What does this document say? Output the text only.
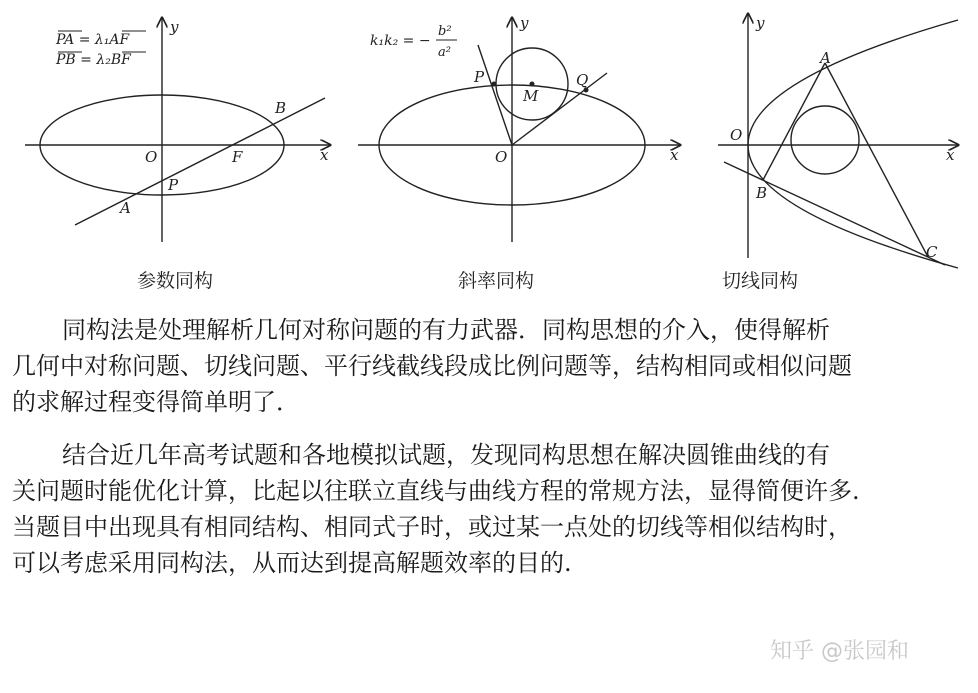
PA = λ₁AF
PB = λ₂BF
y
x
O
A
B
F
P
k₁k₂ = −
b²
a²
y
x
O
P	Q
M
y
x
O
A
B
C
参数同构	斜率同构	切线同构
同构法是处理解析几何对称问题的有力武器．同构思想的介入，使得解析
几何中对称问题、切线问题、平行线截线段成比例问题等，结构相同或相似问题
的求解过程变得简单明了．
结合近几年高考试题和各地模拟试题，发现同构思想在解决圆锥曲线的有
关问题时能优化计算，比起以往联立直线与曲线方程的常规方法，显得简便许多.
当题目中出现具有相同结构、相同式子时，或过某一点处的切线等相似结构时，
可以考虑采用同构法，从而达到提高解题效率的目的.
知乎 @张园和
